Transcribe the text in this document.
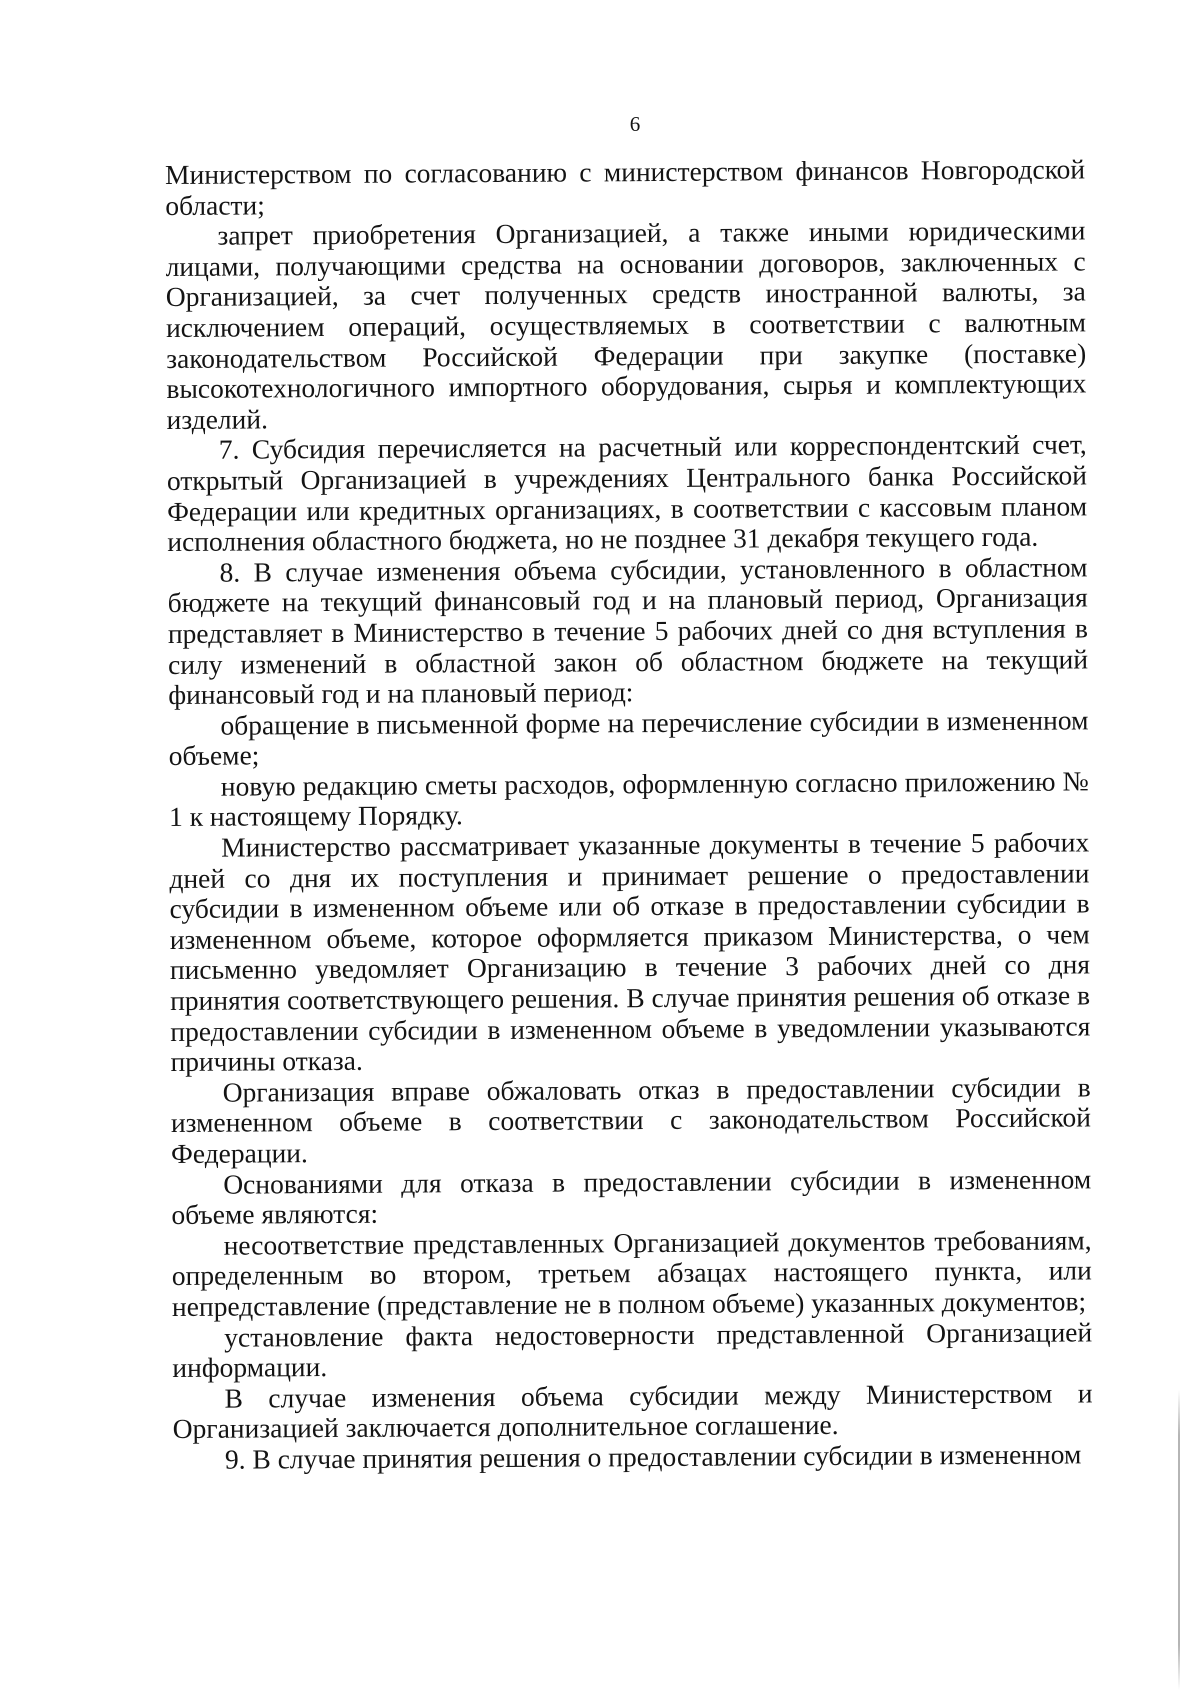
6

Министерством по согласованию с министерством финансов Новгородской области;

запрет приобретения Организацией, а также иными юридическими лицами, получающими средства на основании договоров, заключенных с Организацией, за счет полученных средств иностранной валюты, за исключением операций, осуществляемых в соответствии с валютным законодательством Российской Федерации при закупке (поставке) высокотехнологичного импортного оборудования, сырья и комплектующих изделий.

7. Субсидия перечисляется на расчетный или корреспондентский счет, открытый Организацией в учреждениях Центрального банка Российской Федерации или кредитных организациях, в соответствии с кассовым планом исполнения областного бюджета, но не позднее 31 декабря текущего года.

8. В случае изменения объема субсидии, установленного в областном бюджете на текущий финансовый год и на плановый период, Организация представляет в Министерство в течение 5 рабочих дней со дня вступления в силу изменений в областной закон об областном бюджете на текущий финансовый год и на плановый период:

обращение в письменной форме на перечисление субсидии в измененном объеме;

новую редакцию сметы расходов, оформленную согласно приложению № 1 к настоящему Порядку.

Министерство рассматривает указанные документы в течение 5 рабочих дней со дня их поступления и принимает решение о предоставлении субсидии в измененном объеме или об отказе в предоставлении субсидии в измененном объеме, которое оформляется приказом Министерства, о чем письменно уведомляет Организацию в течение 3 рабочих дней со дня принятия соответствующего решения. В случае принятия решения об отказе в предоставлении субсидии в измененном объеме в уведомлении указываются причины отказа.

Организация вправе обжаловать отказ в предоставлении субсидии в измененном объеме в соответствии с законодательством Российской Федерации.

Основаниями для отказа в предоставлении субсидии в измененном объеме являются:

несоответствие представленных Организацией документов требованиям, определенным во втором, третьем абзацах настоящего пункта, или непредставление (представление не в полном объеме) указанных документов;

установление факта недостоверности представленной Организацией информации.

В случае изменения объема субсидии между Министерством и Организацией заключается дополнительное соглашение.

9. В случае принятия решения о предоставлении субсидии в измененном
